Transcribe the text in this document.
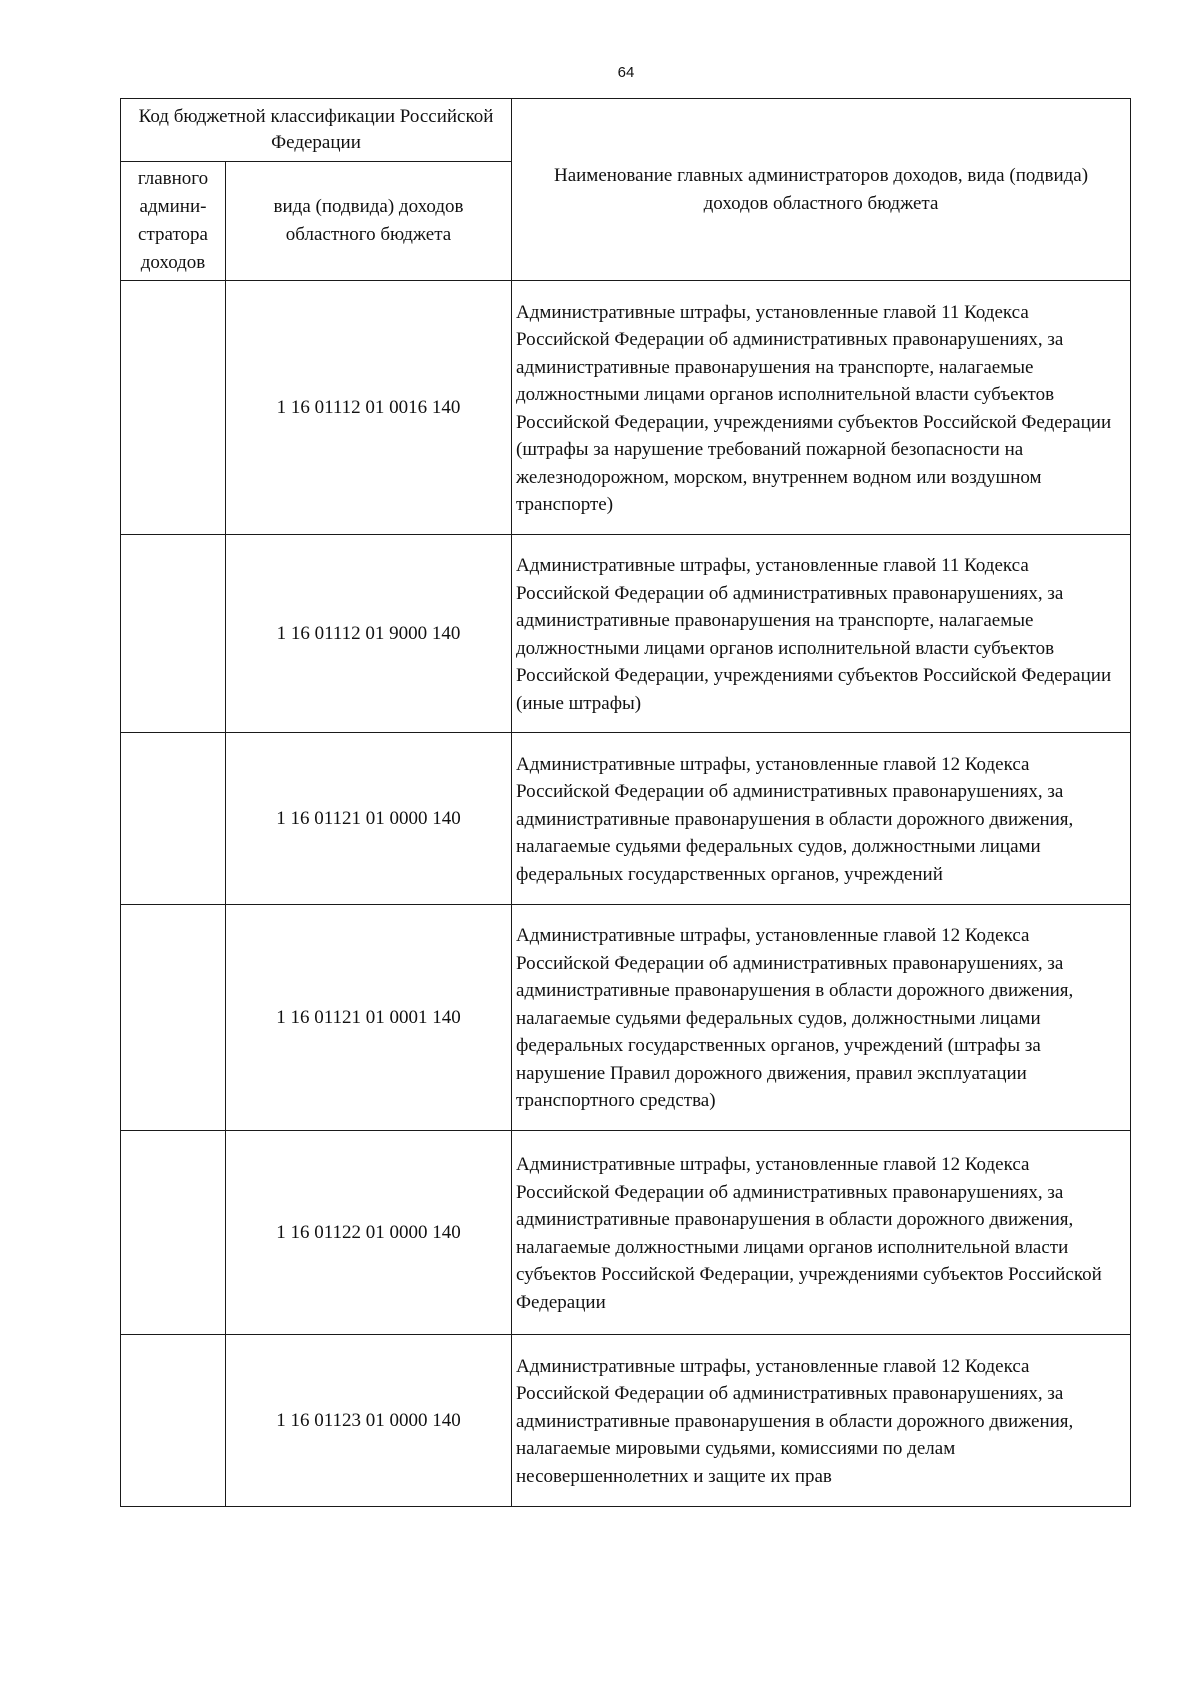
64
Код бюджетной классификации Российской Федерации		Наименование главных администраторов доходов, вида (подвида) доходов областного бюджета
главного админи-стратора доходов	вида (подвида) доходов областного бюджета	
	1 16 01112 01 0016 140	Административные штрафы, установленные главой 11 Кодекса Российской Федерации об административных правонарушениях, за административные правонарушения на транспорте, налагаемые должностными лицами органов исполнительной власти субъектов Российской Федерации, учреждениями субъектов Российской Федерации (штрафы за нарушение требований пожарной безопасности на железнодорожном, морском, внутреннем водном или воздушном транспорте)
	1 16 01112 01 9000 140	Административные штрафы, установленные главой 11 Кодекса Российской Федерации об административных правонарушениях, за административные правонарушения на транспорте, налагаемые должностными лицами органов исполнительной власти субъектов Российской Федерации, учреждениями субъектов Российской Федерации (иные штрафы)
	1 16 01121 01 0000 140	Административные штрафы, установленные главой 12 Кодекса Российской Федерации об административных правонарушениях, за административные правонарушения в области дорожного движения, налагаемые судьями федеральных судов, должностными лицами федеральных государственных органов, учреждений
	1 16 01121 01 0001 140	Административные штрафы, установленные главой 12 Кодекса Российской Федерации об административных правонарушениях, за административные правонарушения в области дорожного движения, налагаемые судьями федеральных судов, должностными лицами федеральных государственных органов, учреждений (штрафы за нарушение Правил дорожного движения, правил эксплуатации транспортного средства)
	1 16 01122 01 0000 140	Административные штрафы, установленные главой 12 Кодекса Российской Федерации об административных правонарушениях, за административные правонарушения в области дорожного движения, налагаемые должностными лицами органов исполнительной власти субъектов Российской Федерации, учреждениями субъектов Российской Федерации
	1 16 01123 01 0000 140	Административные штрафы, установленные главой 12 Кодекса Российской Федерации об административных правонарушениях, за административные правонарушения в области дорожного движения, налагаемые мировыми судьями, комиссиями по делам несовершеннолетних и защите их прав
